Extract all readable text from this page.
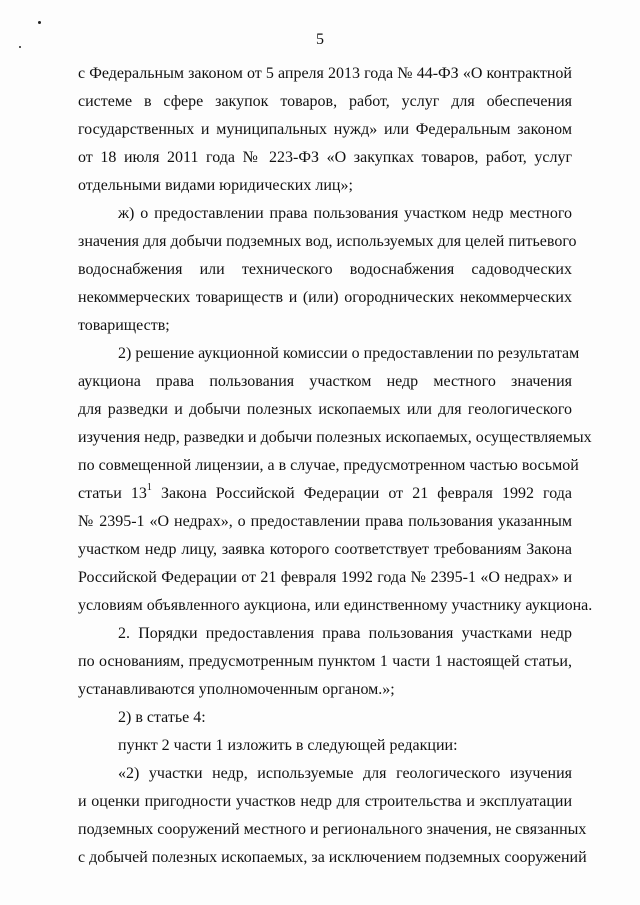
5
с Федеральным законом от 5 апреля 2013 года № 44-ФЗ «О контрактной
системе в сфере закупок товаров, работ, услуг для обеспечения
государственных и муниципальных нужд» или Федеральным законом
от 18 июля 2011 года № 223-ФЗ «О закупках товаров, работ, услуг
отдельными видами юридических лиц»;
ж) о предоставлении права пользования участком недр местного
значения для добычи подземных вод, используемых для целей питьевого
водоснабжения или технического водоснабжения садоводческих
некоммерческих товариществ и (или) огороднических некоммерческих
товариществ;
2) решение аукционной комиссии о предоставлении по результатам
аукциона права пользования участком недр местного значения
для разведки и добычи полезных ископаемых или для геологического
изучения недр, разведки и добычи полезных ископаемых, осуществляемых
по совмещенной лицензии, а в случае, предусмотренном частью восьмой
статьи $13^1$ Закона Российской Федерации от 21 февраля 1992 года
№ 2395-1 «О недрах», о предоставлении права пользования указанным
участком недр лицу, заявка которого соответствует требованиям Закона
Российской Федерации от 21 февраля 1992 года № 2395-1 «О недрах» и
условиям объявленного аукциона, или единственному участнику аукциона.
2. Порядки предоставления права пользования участками недр
по основаниям, предусмотренным пунктом 1 части 1 настоящей статьи,
устанавливаются уполномоченным органом.»;
2) в статье 4:
пункт 2 части 1 изложить в следующей редакции:
«2) участки недр, используемые для геологического изучения
и оценки пригодности участков недр для строительства и эксплуатации
подземных сооружений местного и регионального значения, не связанных
с добычей полезных ископаемых, за исключением подземных сооружений
